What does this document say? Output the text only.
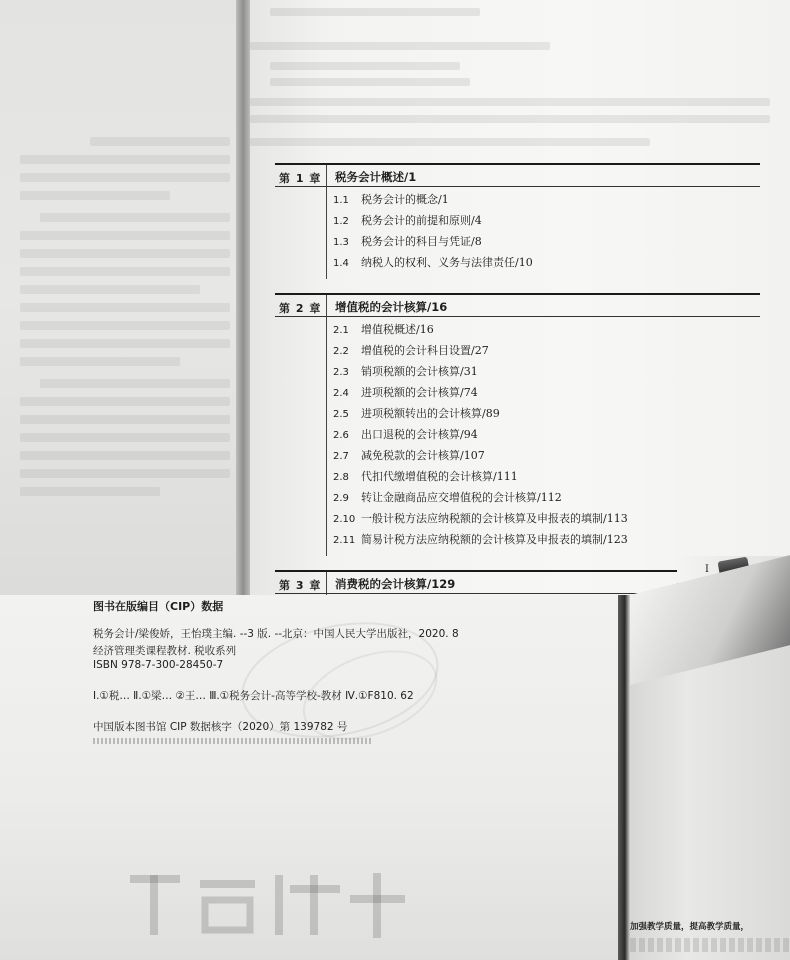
第 1 章 税务会计概述/1
1.1 税务会计的概念/1
1.2 税务会计的前提和原则/4
1.3 税务会计的科目与凭证/8
1.4 纳税人的权利、义务与法律责任/10
第 2 章 增值税的会计核算/16
2.1 增值税概述/16
2.2 增值税的会计科目设置/27
2.3 销项税额的会计核算/31
2.4 进项税额的会计核算/74
2.5 进项税额转出的会计核算/89
2.6 出口退税的会计核算/94
2.7 减免税款的会计核算/107
2.8 代扣代缴增值税的会计核算/111
2.9 转让金融商品应交增值税的会计核算/112
2.10 一般计税方法应纳税额的会计核算及申报表的填制/113
2.11 简易计税方法应纳税额的会计核算及申报表的填制/123
第 3 章 消费税的会计核算/129
I
图书在版编目（CIP）数据
税务会计/梁俊娇，王怡璞主编. --3 版. --北京：中国人民大学出版社，2020. 8
经济管理类课程教材. 税收系列
ISBN 978-7-300-28450-7
Ⅰ.①税… Ⅱ.①梁… ②王… Ⅲ.①税务会计-高等学校-教材 Ⅳ.①F810. 62
中国版本图书馆 CIP 数据核字（2020）第 139782 号
加强教学质量，提高教学质量，
